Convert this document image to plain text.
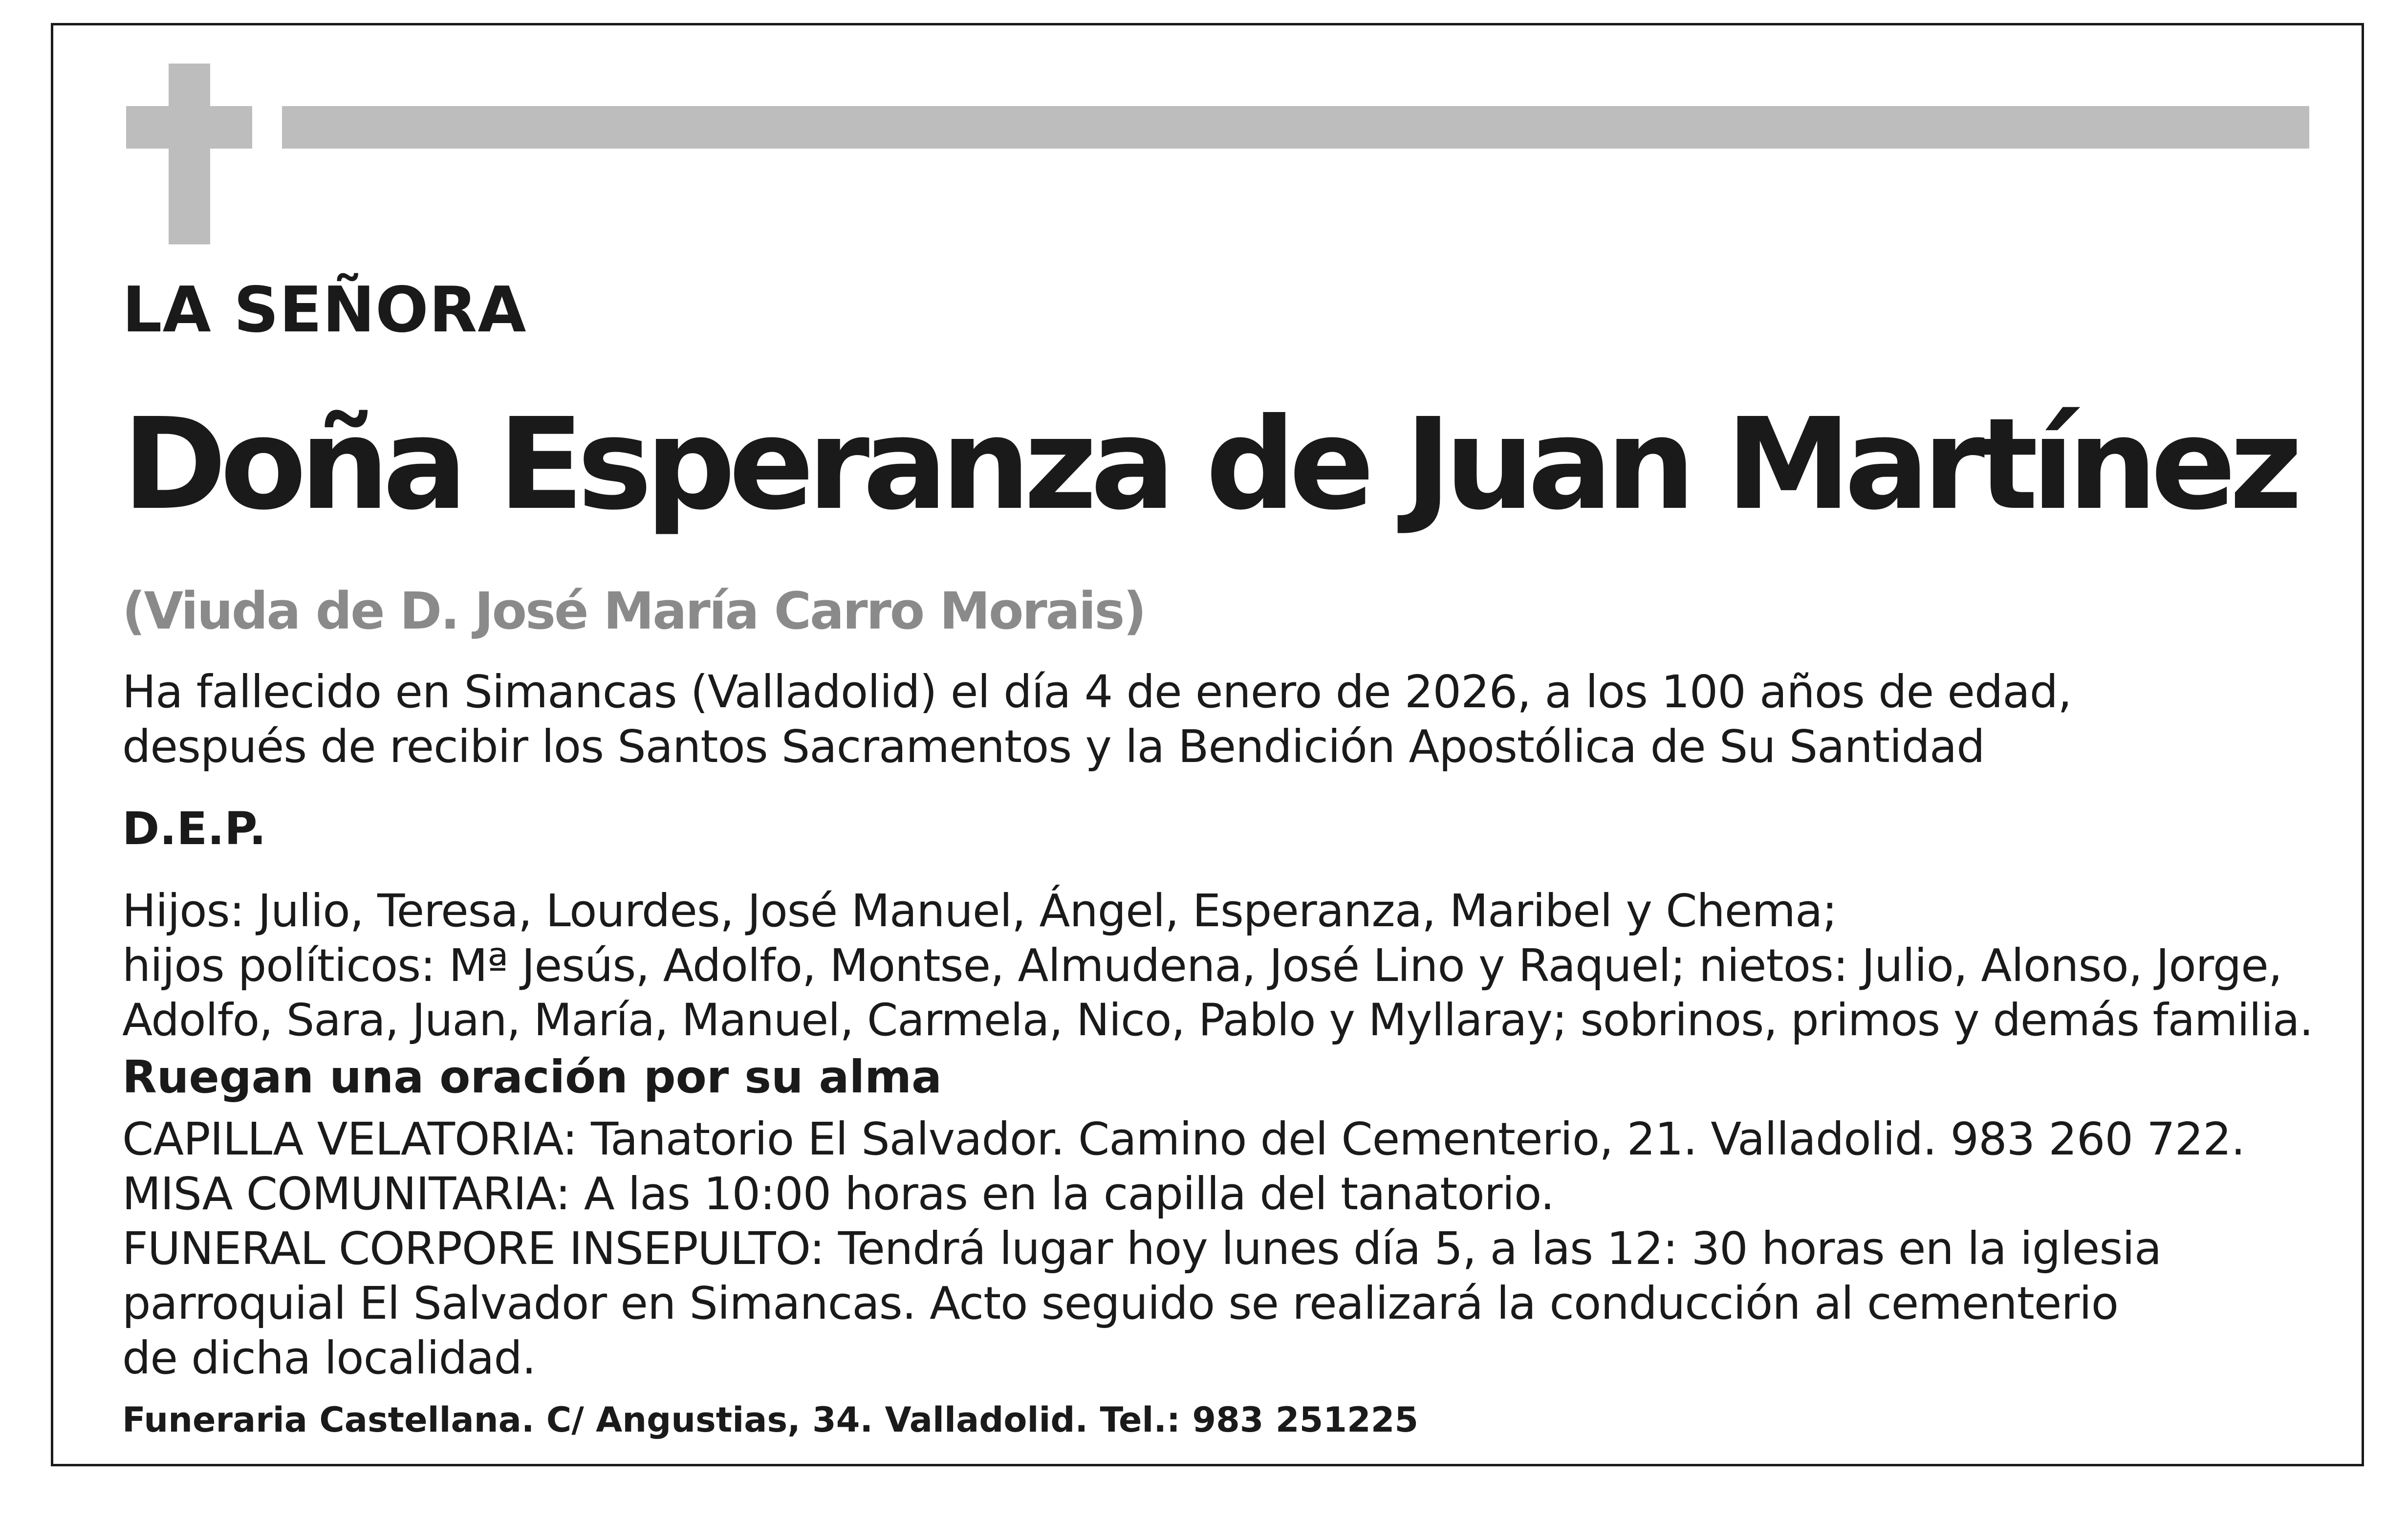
LA SEÑORA
Doña Esperanza de Juan Martínez
(Viuda de D. José María Carro Morais)
Ha fallecido en Simancas (Valladolid) el día 4 de enero de 2026, a los 100 años de edad,
después de recibir los Santos Sacramentos y la Bendición Apostólica de Su Santidad
D.E.P.
Hijos: Julio, Teresa, Lourdes, José Manuel, Ángel, Esperanza, Maribel y Chema;
hijos políticos: Mª Jesús, Adolfo, Montse, Almudena, José Lino y Raquel; nietos: Julio, Alonso, Jorge,
Adolfo, Sara, Juan, María, Manuel, Carmela, Nico, Pablo y Myllaray; sobrinos, primos y demás familia.
Ruegan una oración por su alma
CAPILLA VELATORIA: Tanatorio El Salvador. Camino del Cementerio, 21. Valladolid. 983 260 722.
MISA COMUNITARIA: A las 10:00 horas en la capilla del tanatorio.
FUNERAL CORPORE INSEPULTO: Tendrá lugar hoy lunes día 5, a las 12: 30 horas en la iglesia
parroquial El Salvador en Simancas. Acto seguido se realizará la conducción al cementerio
de dicha localidad.
Funeraria Castellana. C/ Angustias, 34. Valladolid. Tel.: 983 251225
